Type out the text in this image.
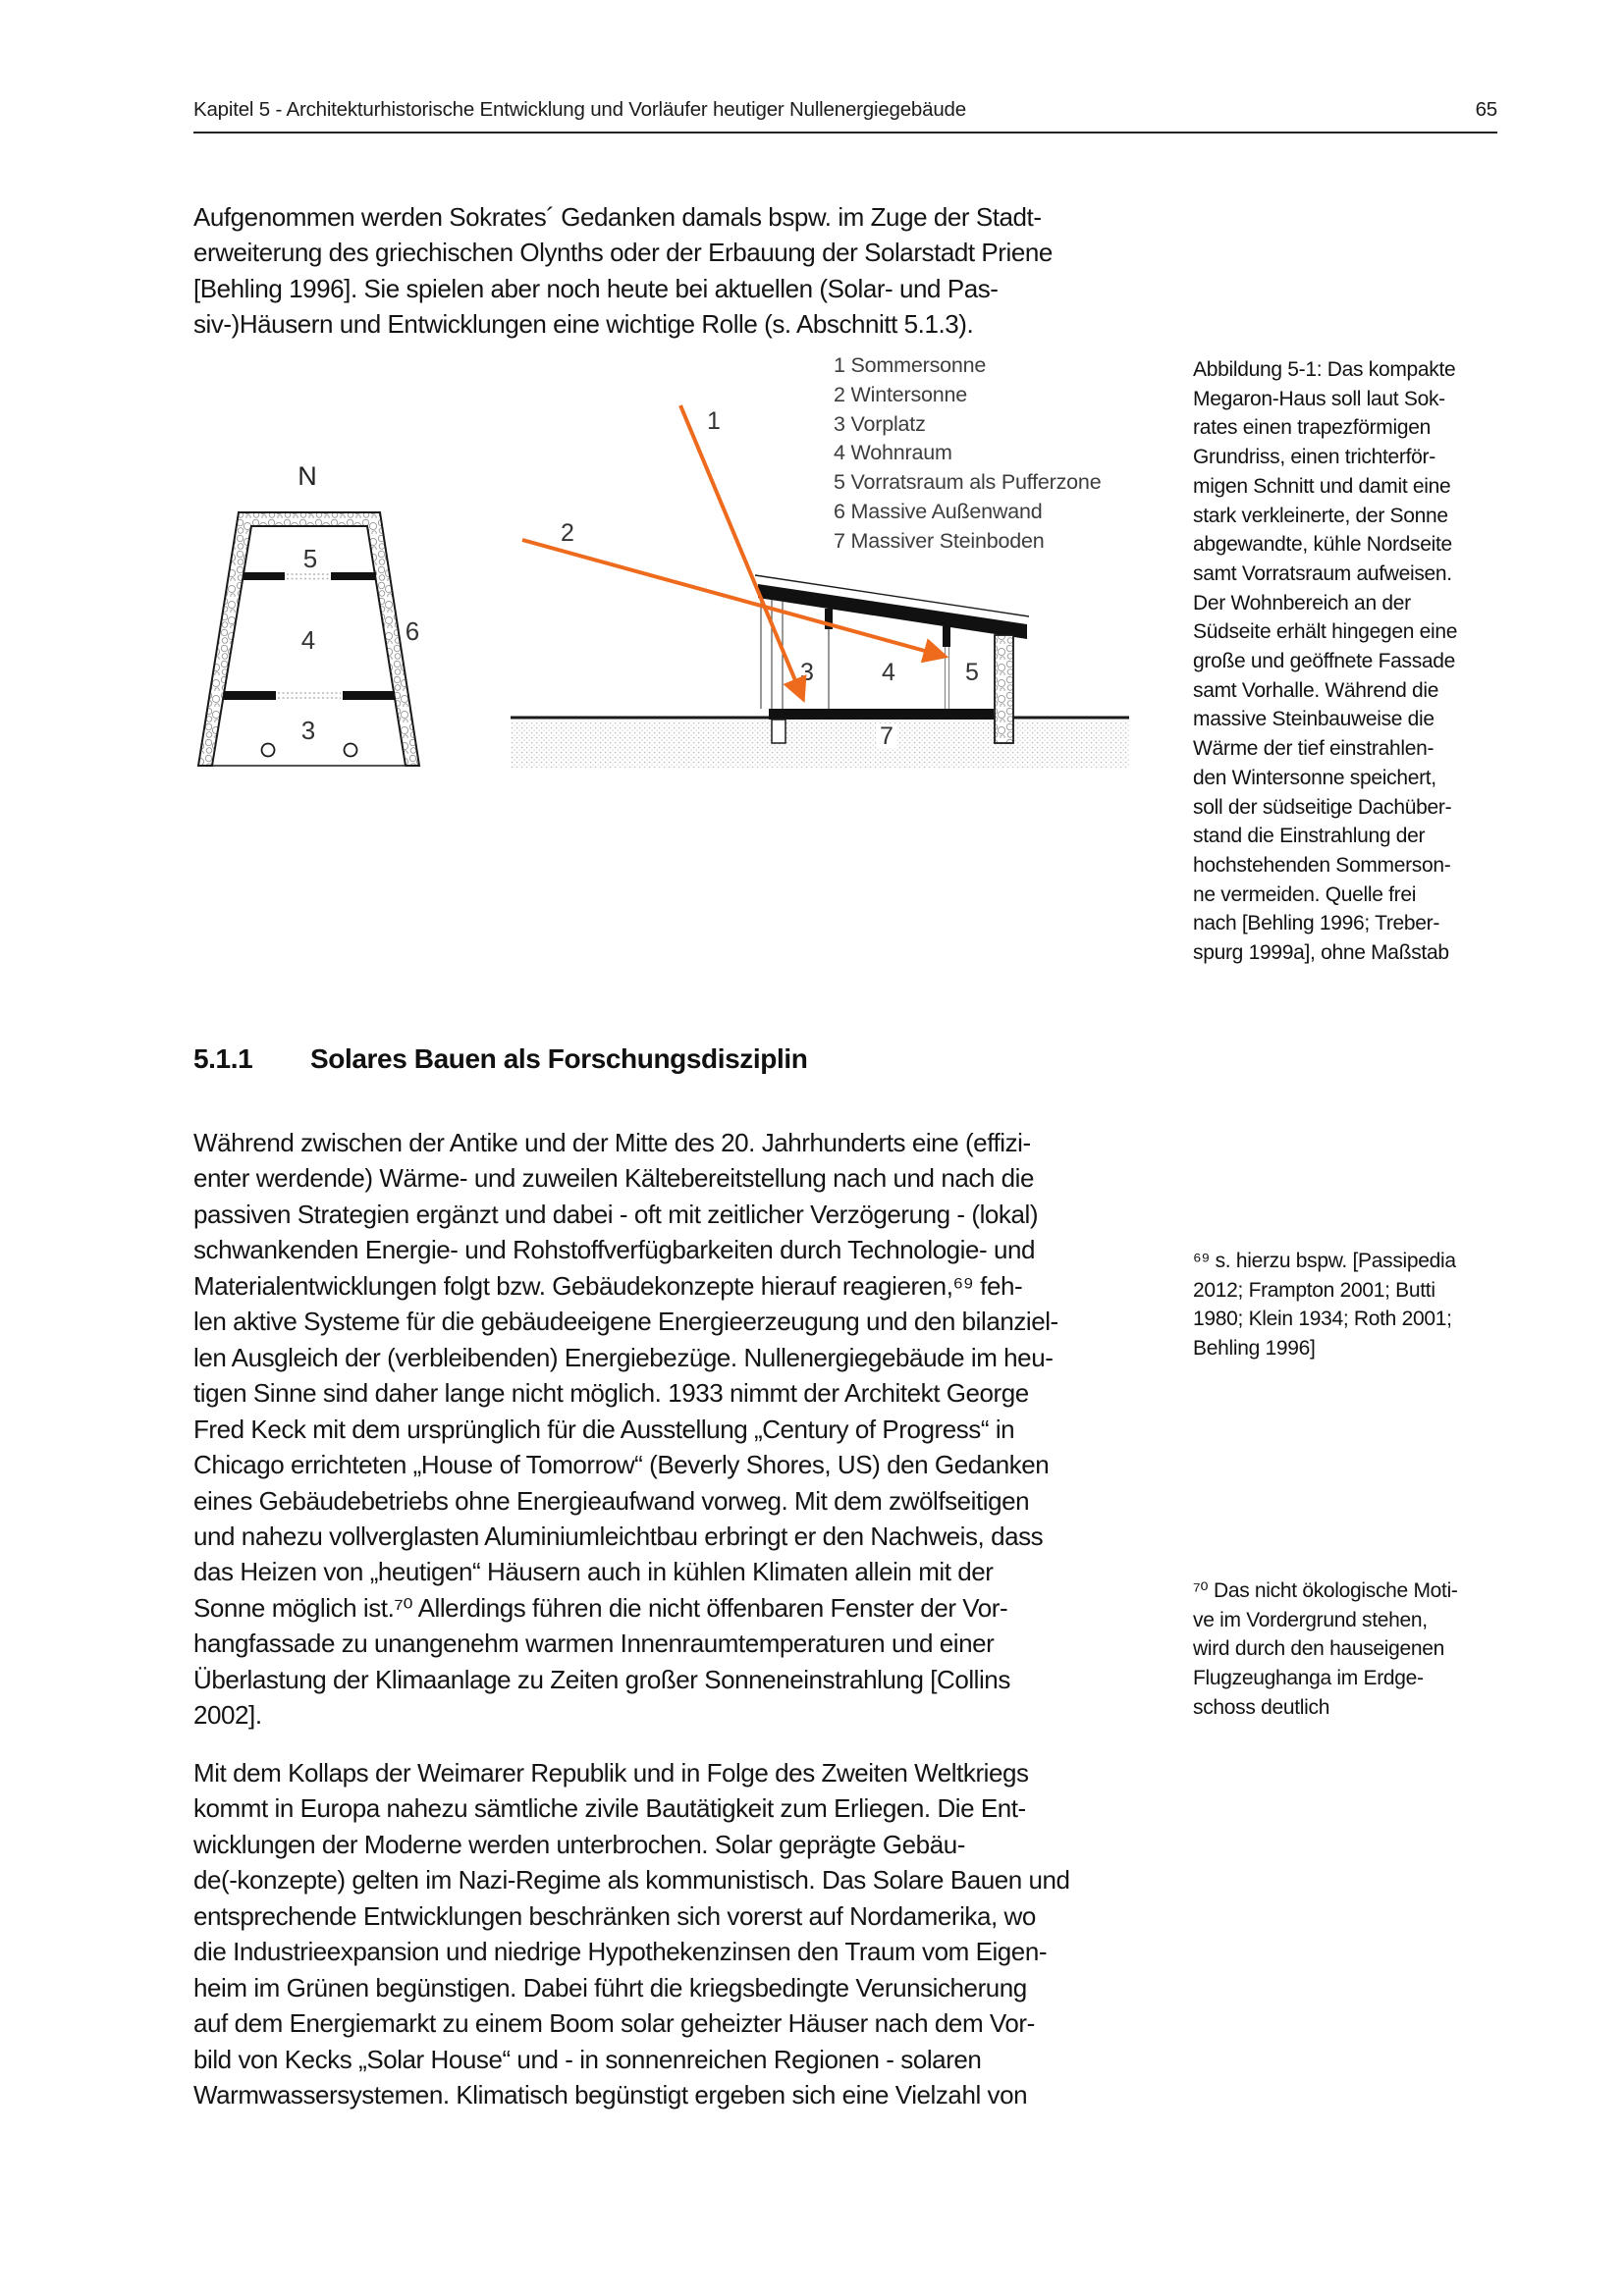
Kapitel 5 - Architekturhistorische Entwicklung und Vorläufer heutiger Nullenergiegebäude	65
Aufgenommen werden Sokrates´ Gedanken damals bspw. im Zuge der Stadt-
erweiterung des griechischen Olynths oder der Erbauung der Solarstadt Priene
[Behling 1996]. Sie spielen aber noch heute bei aktuellen (Solar- und Pas-
siv-)Häusern und Entwicklungen eine wichtige Rolle (s. Abschnitt 5.1.3).
N
5
4
3
6
3	4	5
7
1
2
1 Sommersonne
2 Wintersonne
3 Vorplatz
4 Wohnraum
5 Vorratsraum als Pufferzone
6 Massive Außenwand
7 Massiver Steinboden
5.1.1 Solares Bauen als Forschungsdisziplin
Während zwischen der Antike und der Mitte des 20. Jahrhunderts eine (effizi-
enter werdende) Wärme- und zuweilen Kältebereitstellung nach und nach die
passiven Strategien ergänzt und dabei - oft mit zeitlicher Verzögerung - (lokal)
schwankenden Energie- und Rohstoffverfügbarkeiten durch Technologie- und
Materialentwicklungen folgt bzw. Gebäudekonzepte hierauf reagieren,⁶⁹ feh-
len aktive Systeme für die gebäudeeigene Energieerzeugung und den bilanziel-
len Ausgleich der (verbleibenden) Energiebezüge. Nullenergiegebäude im heu-
tigen Sinne sind daher lange nicht möglich. 1933 nimmt der Architekt George
Fred Keck mit dem ursprünglich für die Ausstellung „Century of Progress“ in
Chicago errichteten „House of Tomorrow“ (Beverly Shores, US) den Gedanken
eines Gebäudebetriebs ohne Energieaufwand vorweg. Mit dem zwölfseitigen
und nahezu vollverglasten Aluminiumleichtbau erbringt er den Nachweis, dass
das Heizen von „heutigen“ Häusern auch in kühlen Klimaten allein mit der
Sonne möglich ist.⁷⁰ Allerdings führen die nicht öffenbaren Fenster der Vor-
hangfassade zu unangenehm warmen Innenraumtemperaturen und einer
Überlastung der Klimaanlage zu Zeiten großer Sonneneinstrahlung [Collins
2002].
Mit dem Kollaps der Weimarer Republik und in Folge des Zweiten Weltkriegs
kommt in Europa nahezu sämtliche zivile Bautätigkeit zum Erliegen. Die Ent-
wicklungen der Moderne werden unterbrochen. Solar geprägte Gebäu-
de(-konzepte) gelten im Nazi-Regime als kommunistisch. Das Solare Bauen und
entsprechende Entwicklungen beschränken sich vorerst auf Nordamerika, wo
die Industrieexpansion und niedrige Hypothekenzinsen den Traum vom Eigen-
heim im Grünen begünstigen. Dabei führt die kriegsbedingte Verunsicherung
auf dem Energiemarkt zu einem Boom solar geheizter Häuser nach dem Vor-
bild von Kecks „Solar House“ und - in sonnenreichen Regionen - solaren
Warmwassersystemen. Klimatisch begünstigt ergeben sich eine Vielzahl von
Abbildung 5-1: Das kompakte
Megaron-Haus soll laut Sok-
rates einen trapezförmigen
Grundriss, einen trichterför-
migen Schnitt und damit eine
stark verkleinerte, der Sonne
abgewandte, kühle Nordseite
samt Vorratsraum aufweisen.
Der Wohnbereich an der
Südseite erhält hingegen eine
große und geöffnete Fassade
samt Vorhalle. Während die
massive Steinbauweise die
Wärme der tief einstrahlen-
den Wintersonne speichert,
soll der südseitige Dachüber-
stand die Einstrahlung der
hochstehenden Sommerson-
ne vermeiden. Quelle frei
nach [Behling 1996; Treber-
spurg 1999a], ohne Maßstab
⁶⁹ s. hierzu bspw. [Passipedia
2012; Frampton 2001; Butti
1980; Klein 1934; Roth 2001;
Behling 1996]
⁷⁰ Das nicht ökologische Moti-
ve im Vordergrund stehen,
wird durch den hauseigenen
Flugzeughanga im Erdge-
schoss deutlich
